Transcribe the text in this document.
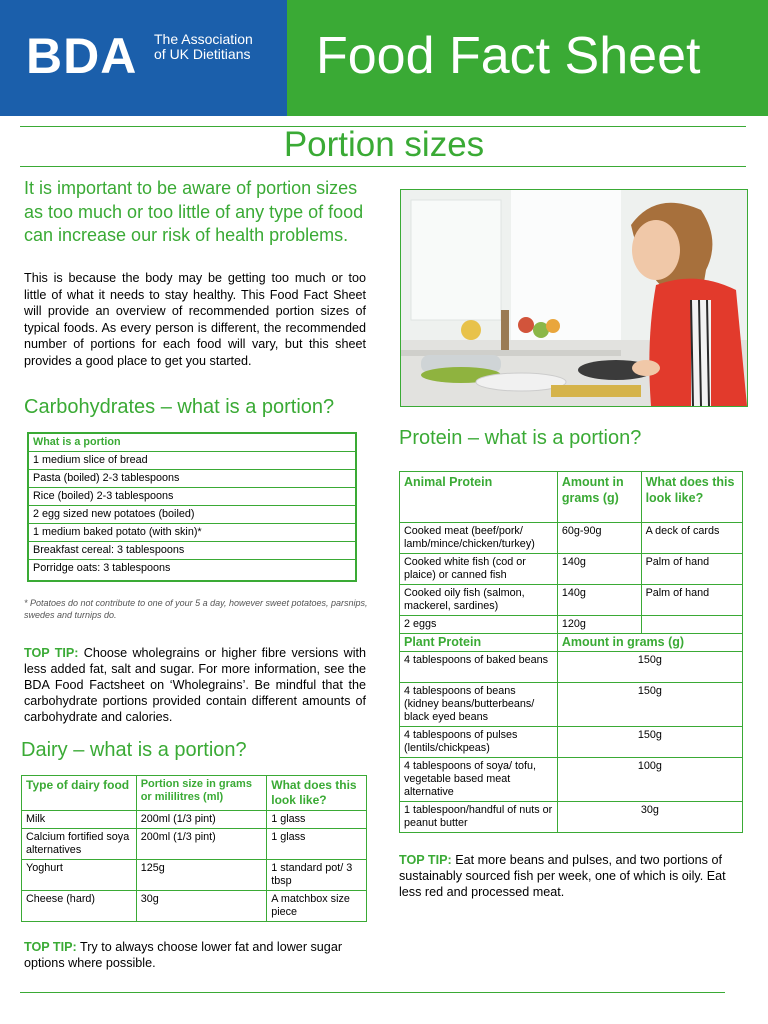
BDA The Association
of UK Dietitians Food Fact Sheet
Portion sizes
It is important to be aware of portion sizes as too much or too little of any type of food can increase our risk of health problems.
This is because the body may be getting too much or too little of what it needs to stay healthy. This Food Fact Sheet will provide an overview of recommended portion sizes of typical foods. As every person is different, the recommended number of portions for each food will vary, but this sheet provides a good place to get you started.
Carbohydrates – what is a portion?
What is a portion
1 medium slice of bread
Pasta (boiled) 2-3 tablespoons
Rice (boiled) 2-3 tablespoons
2 egg sized new potatoes (boiled)
1 medium baked potato (with skin)*
Breakfast cereal: 3 tablespoons
Porridge oats: 3 tablespoons
* Potatoes do not contribute to one of your 5 a day, however sweet potatoes, parsnips, swedes and turnips do.
TOP TIP: Choose wholegrains or higher fibre versions with less added fat, salt and sugar. For more information, see the BDA Food Factsheet on ‘Wholegrains’. Be mindful that the carbohydrate portions provided contain different amounts of carbohydrate and calories.
Dairy – what is a portion?
Type of dairy food	Portion size in grams or mililitres (ml)	What does this look like?
Milk	200ml (1/3 pint)	1 glass
Calcium fortified soya alternatives	200ml (1/3 pint)	1 glass
Yoghurt	125g	1 standard pot/ 3 tbsp
Cheese (hard)	30g	A matchbox size piece
TOP TIP: Try to always choose lower fat and lower sugar options where possible.
Protein – what is a portion?
Animal Protein	Amount in grams (g)	What does this look like?
Cooked meat (beef/pork/ lamb/mince/chicken/turkey)	60g-90g	A deck of cards
Cooked white fish (cod or plaice) or canned fish	140g	Palm of hand
Cooked oily fish (salmon, mackerel, sardines)	140g	Palm of hand
2 eggs	120g	
Plant Protein	Amount in grams (g)	
4 tablespoons of baked beans	150g	
4 tablespoons of beans (kidney beans/butterbeans/ black eyed beans	150g	
4 tablespoons of pulses (lentils/chickpeas)	150g	
4 tablespoons of soya/ tofu, vegetable based meat alternative	100g	
1 tablespoon/handful of nuts or peanut butter	30g	
TOP TIP: Eat more beans and pulses, and two portions of sustainably sourced fish per week, one of which is oily. Eat less red and processed meat.
